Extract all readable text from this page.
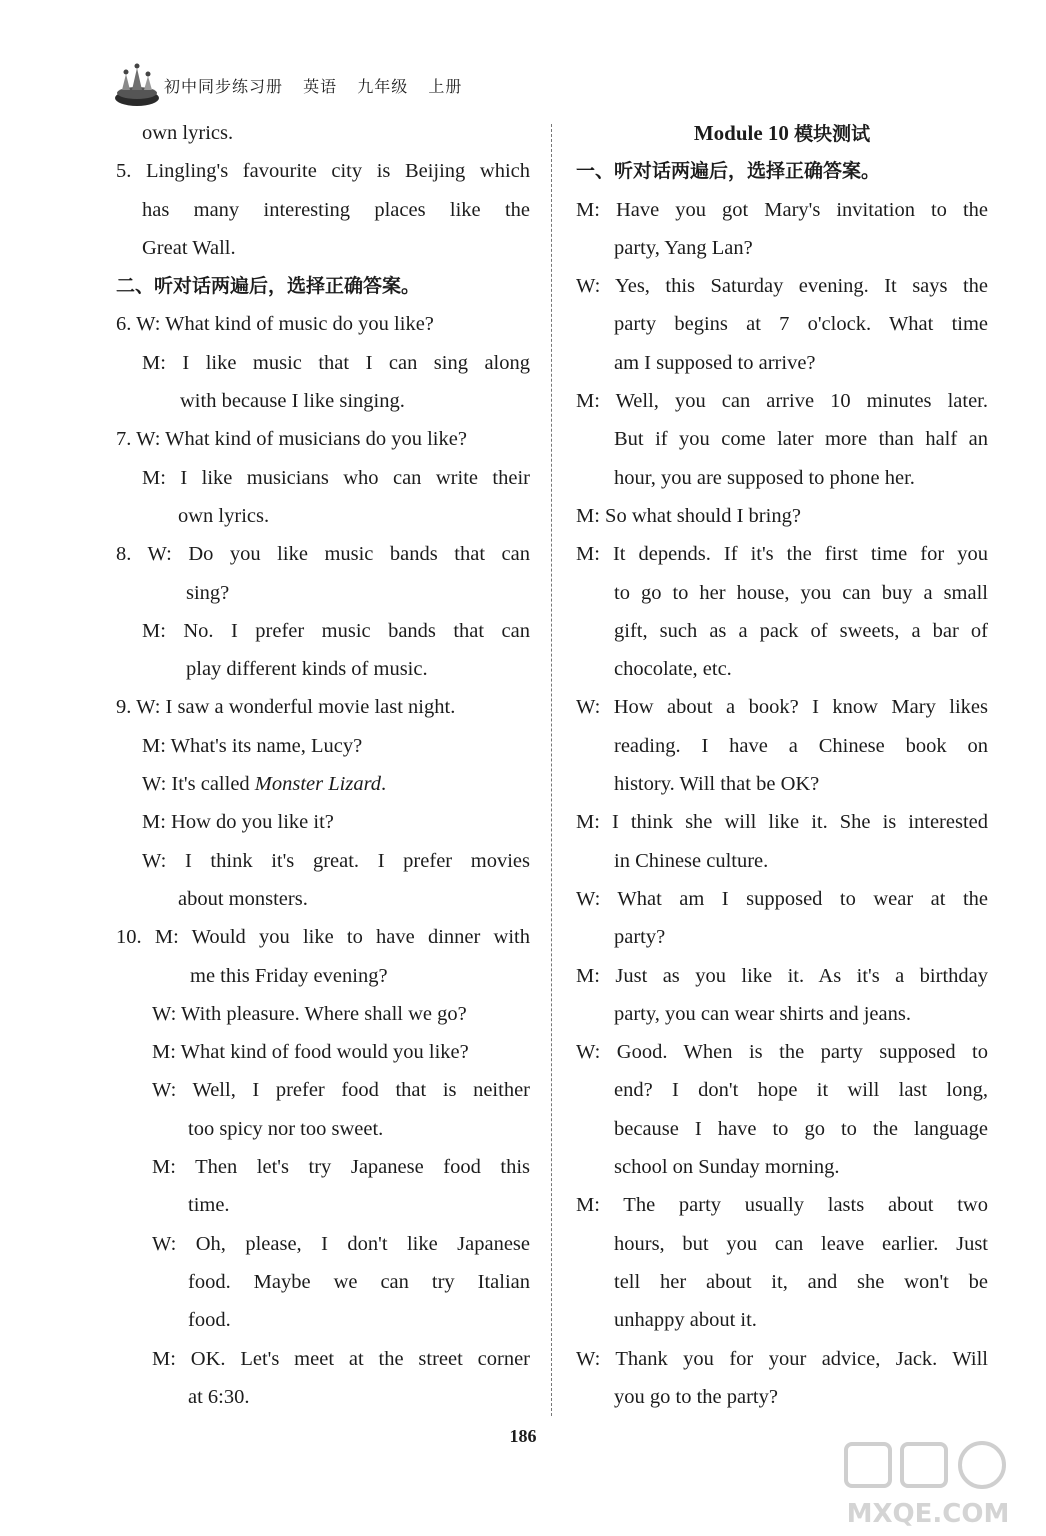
初中同步练习册 英语 九年级 上册
own lyrics.
5. Lingling's favourite city is Beijing which
has many interesting places like the
Great Wall.
二、听对话两遍后，选择正确答案。
6. W: What kind of music do you like?
M: I like music that I can sing along
with because I like singing.
7. W: What kind of musicians do you like?
M: I like musicians who can write their
own lyrics.
8. W: Do you like music bands that can
sing?
M: No. I prefer music bands that can
play different kinds of music.
9. W: I saw a wonderful movie last night.
M: What's its name, Lucy?
W: It's called Monster Lizard.
M: How do you like it?
W: I think it's great. I prefer movies
about monsters.
10. M: Would you like to have dinner with
me this Friday evening?
W: With pleasure. Where shall we go?
M: What kind of food would you like?
W: Well, I prefer food that is neither
too spicy nor too sweet.
M: Then let's try Japanese food this
time.
W: Oh, please, I don't like Japanese
food. Maybe we can try Italian
food.
M: OK. Let's meet at the street corner
at 6:30.
Module 10 模块测试
一、听对话两遍后，选择正确答案。
M: Have you got Mary's invitation to the
party, Yang Lan?
W: Yes, this Saturday evening. It says the
party begins at 7 o'clock. What time
am I supposed to arrive?
M: Well, you can arrive 10 minutes later.
But if you come later more than half an
hour, you are supposed to phone her.
M: So what should I bring?
M: It depends. If it's the first time for you
to go to her house, you can buy a small
gift, such as a pack of sweets, a bar of
chocolate, etc.
W: How about a book? I know Mary likes
reading. I have a Chinese book on
history. Will that be OK?
M: I think she will like it. She is interested
in Chinese culture.
W: What am I supposed to wear at the
party?
M: Just as you like it. As it's a birthday
party, you can wear shirts and jeans.
W: Good. When is the party supposed to
end? I don't hope it will last long,
because I have to go to the language
school on Sunday morning.
M: The party usually lasts about two
hours, but you can leave earlier. Just
tell her about it, and she won't be
unhappy about it.
W: Thank you for your advice, Jack. Will
you go to the party?
186
MXQE.COM
